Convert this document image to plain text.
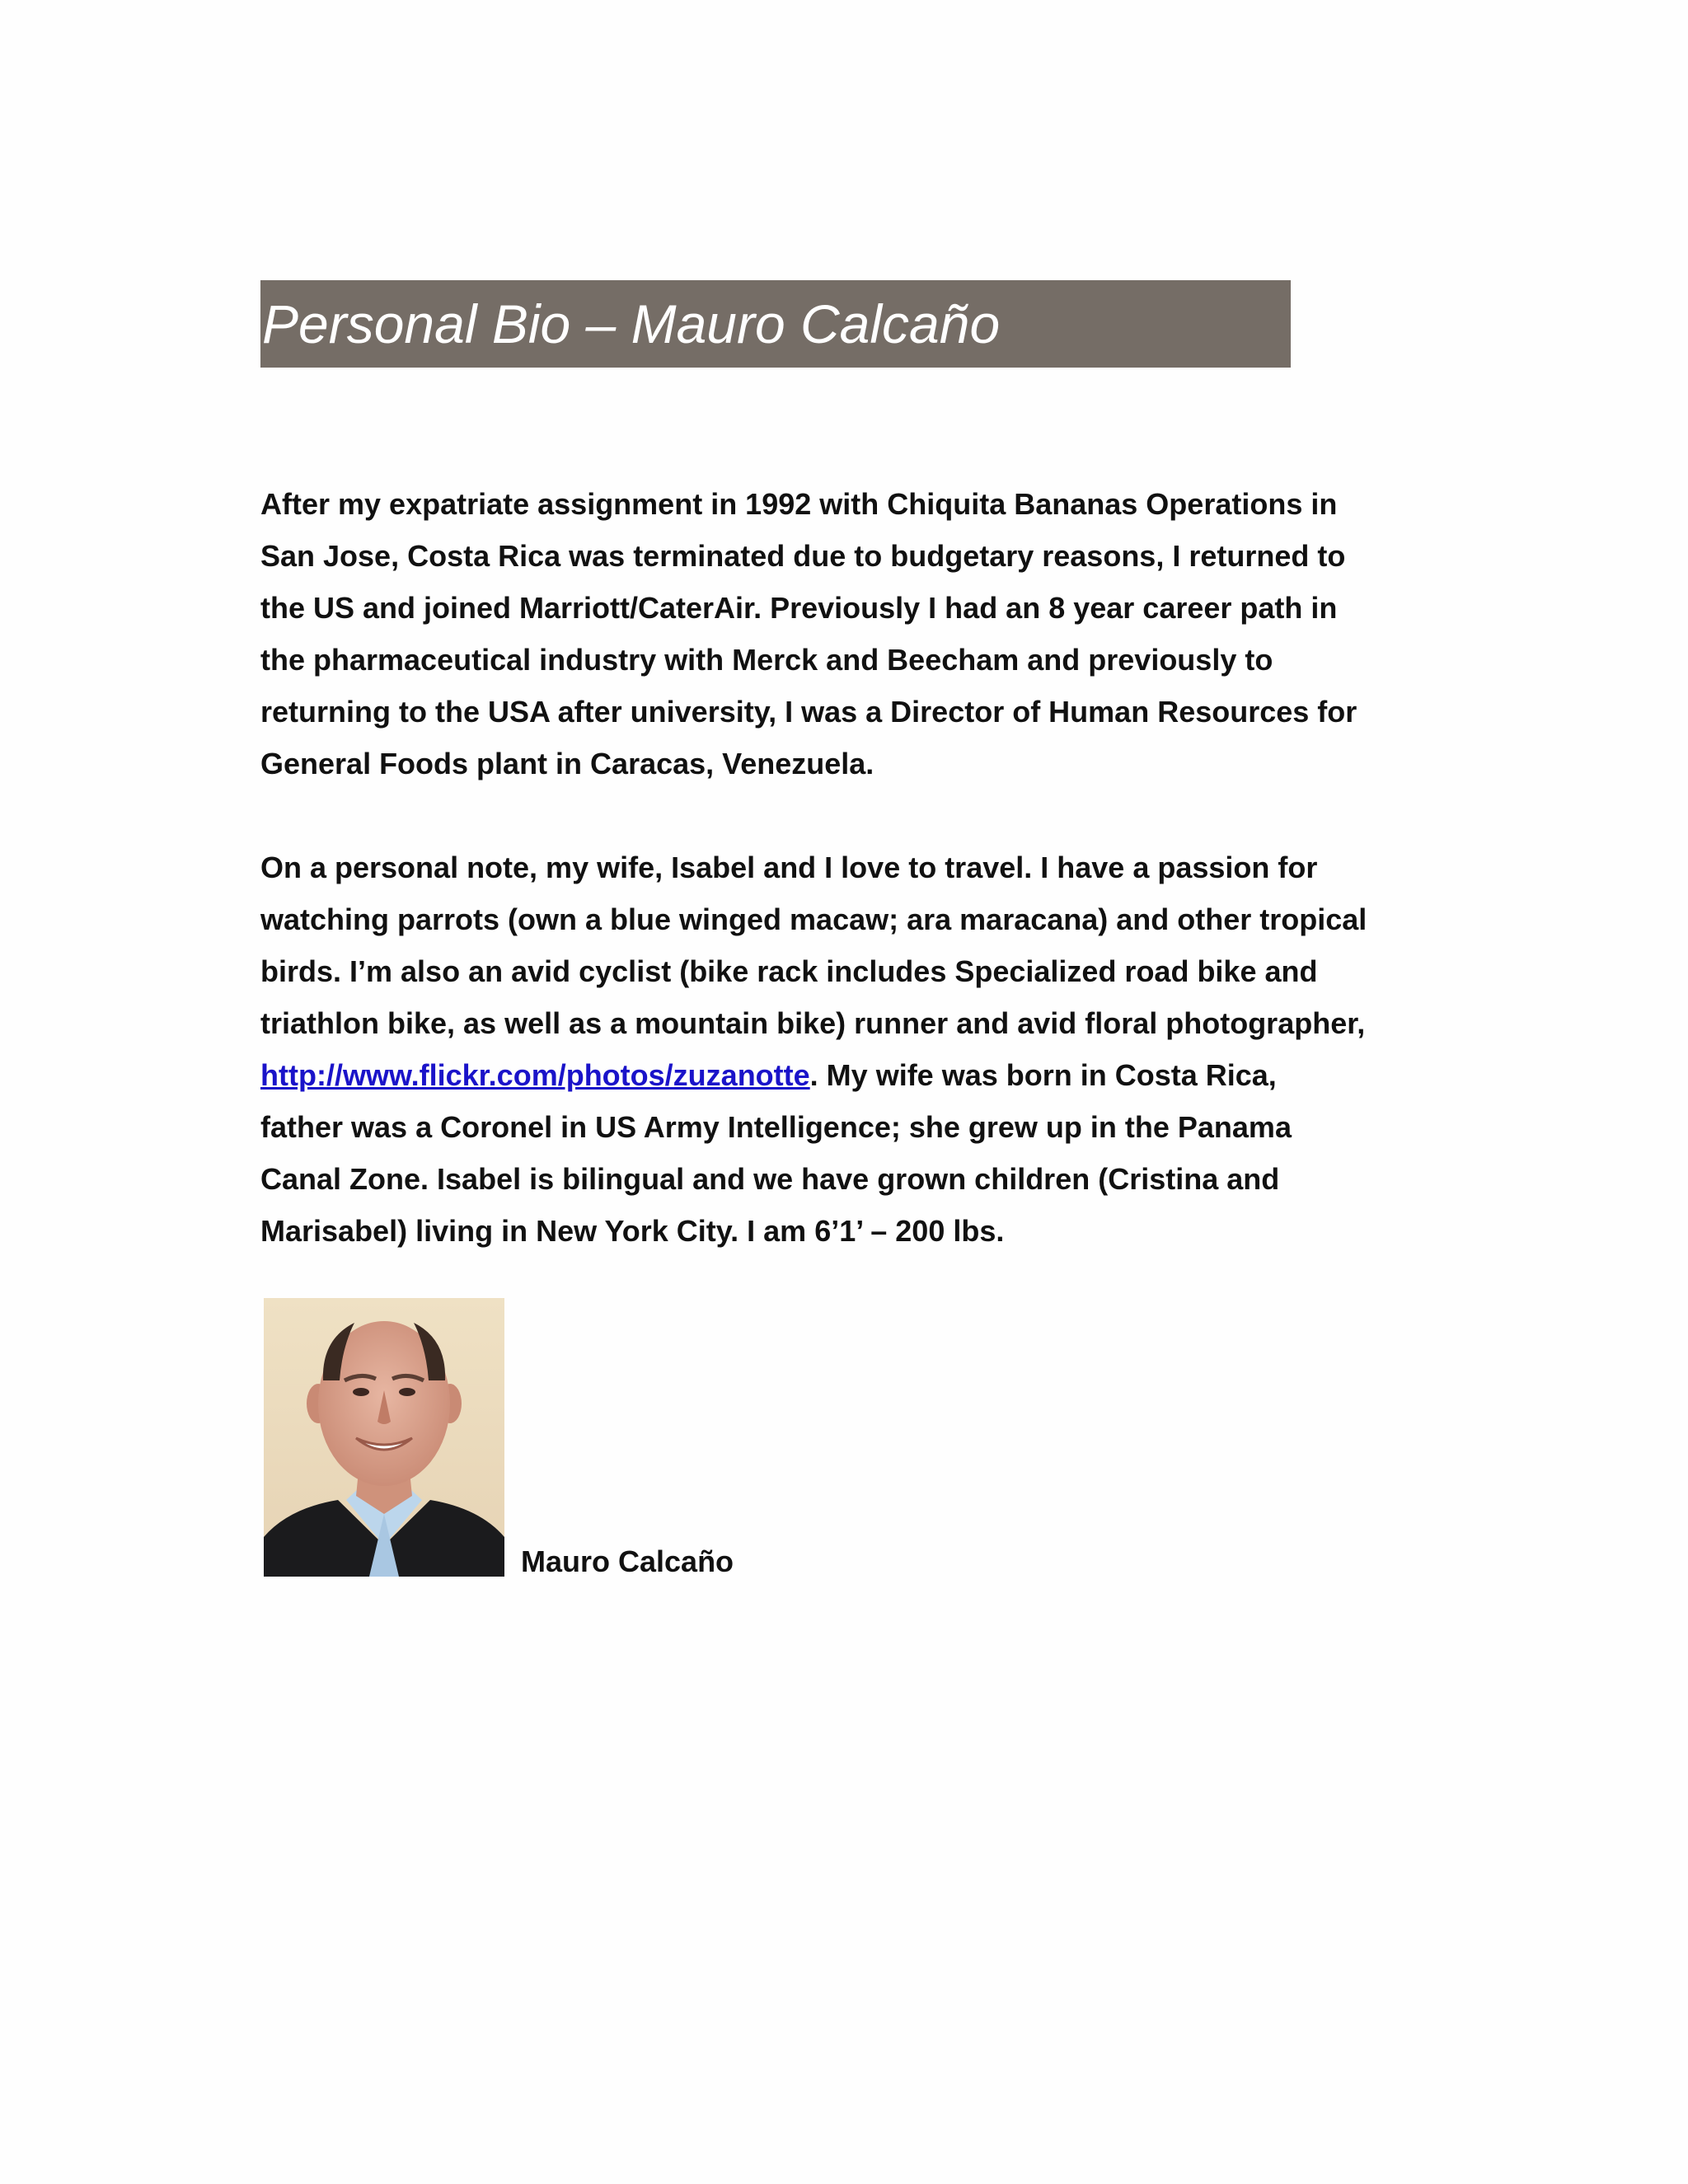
Personal Bio – Mauro Calcaño
After my expatriate assignment in 1992 with Chiquita Bananas Operations in
San Jose, Costa Rica was terminated due to budgetary reasons, I returned to
the US and joined Marriott/CaterAir. Previously I had an 8 year career path in
the pharmaceutical industry with Merck and Beecham and previously to
returning to the USA after university, I was a Director of Human Resources for
General Foods plant in Caracas, Venezuela.
On a personal note, my wife, Isabel and I love to travel. I have a passion for
watching parrots (own a blue winged macaw; ara maracana) and other tropical
birds. I’m also an avid cyclist (bike rack includes Specialized road bike and
triathlon bike, as well as a mountain bike) runner and avid floral photographer,
http://www.flickr.com/photos/zuzanotte. My wife was born in Costa Rica,
father was a Coronel in US Army Intelligence; she grew up in the Panama
Canal Zone. Isabel is bilingual and we have grown children (Cristina and
Marisabel) living in New York City. I am 6’1’ – 200 lbs.
Mauro Calcaño
